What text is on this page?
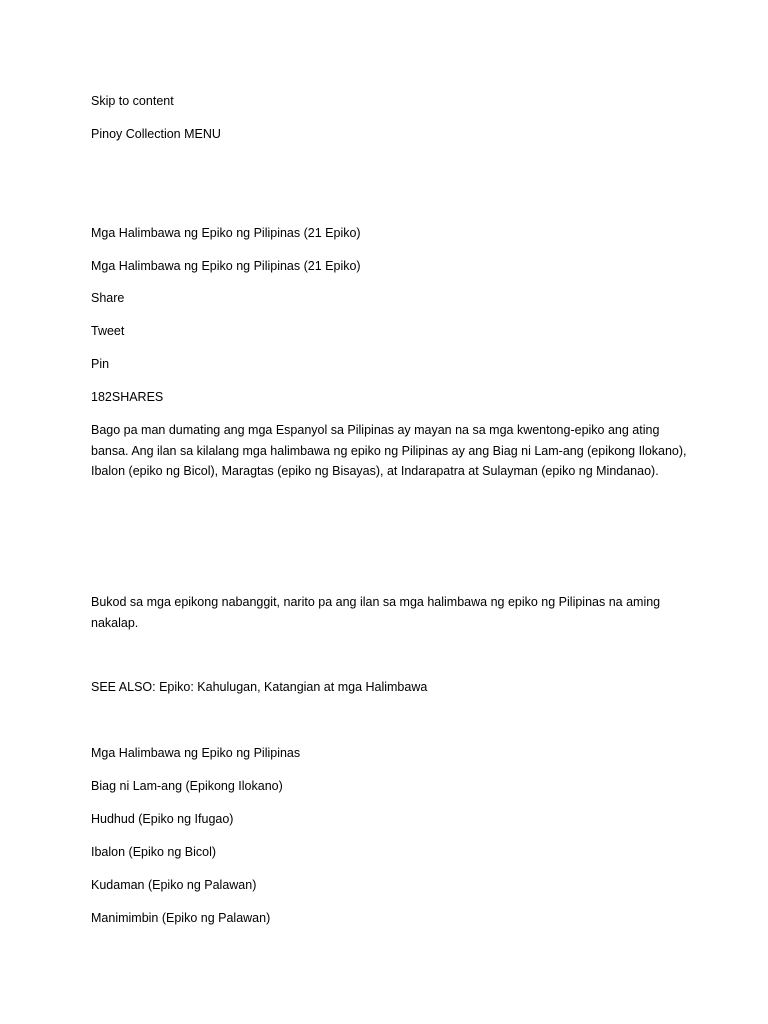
Skip to content

Pinoy Collection MENU

Mga Halimbawa ng Epiko ng Pilipinas (21 Epiko)

Mga Halimbawa ng Epiko ng Pilipinas (21 Epiko)

Share

Tweet

Pin

182SHARES

Bago pa man dumating ang mga Espanyol sa Pilipinas ay mayan na sa mga kwentong-epiko ang ating bansa. Ang ilan sa kilalang mga halimbawa ng epiko ng Pilipinas ay ang Biag ni Lam-ang (epikong Ilokano), Ibalon (epiko ng Bicol), Maragtas (epiko ng Bisayas), at Indarapatra at Sulayman (epiko ng Mindanao).

Bukod sa mga epikong nabanggit, narito pa ang ilan sa mga halimbawa ng epiko ng Pilipinas na aming nakalap.

SEE ALSO: Epiko: Kahulugan, Katangian at mga Halimbawa

Mga Halimbawa ng Epiko ng Pilipinas

Biag ni Lam-ang (Epikong Ilokano)

Hudhud (Epiko ng Ifugao)

Ibalon (Epiko ng Bicol)

Kudaman (Epiko ng Palawan)

Manimimbin (Epiko ng Palawan)
